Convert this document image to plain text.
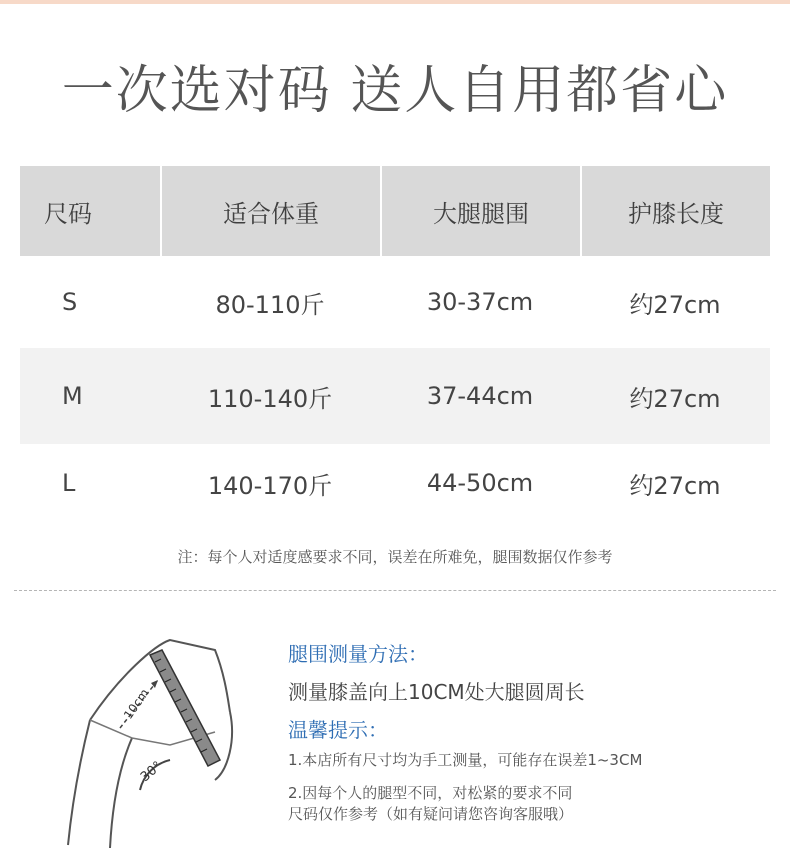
一次选对码 送人自用都省心
尺码	适合体重	大腿腿围	护膝长度
S	80-110斤	30-37cm	约27cm
M	110-140斤	37-44cm	约27cm
L	140-170斤	44-50cm	约27cm
注：每个人对适度感要求不同，误差在所难免，腿围数据仅作参考
10cm
30°
腿围测量方法：
测量膝盖向上10CM处大腿圆周长
温馨提示：
1.本店所有尺寸均为手工测量，可能存在误差1~3CM
2.因每个人的腿型不同，对松紧的要求不同
尺码仅作参考（如有疑问请您咨询客服哦）
